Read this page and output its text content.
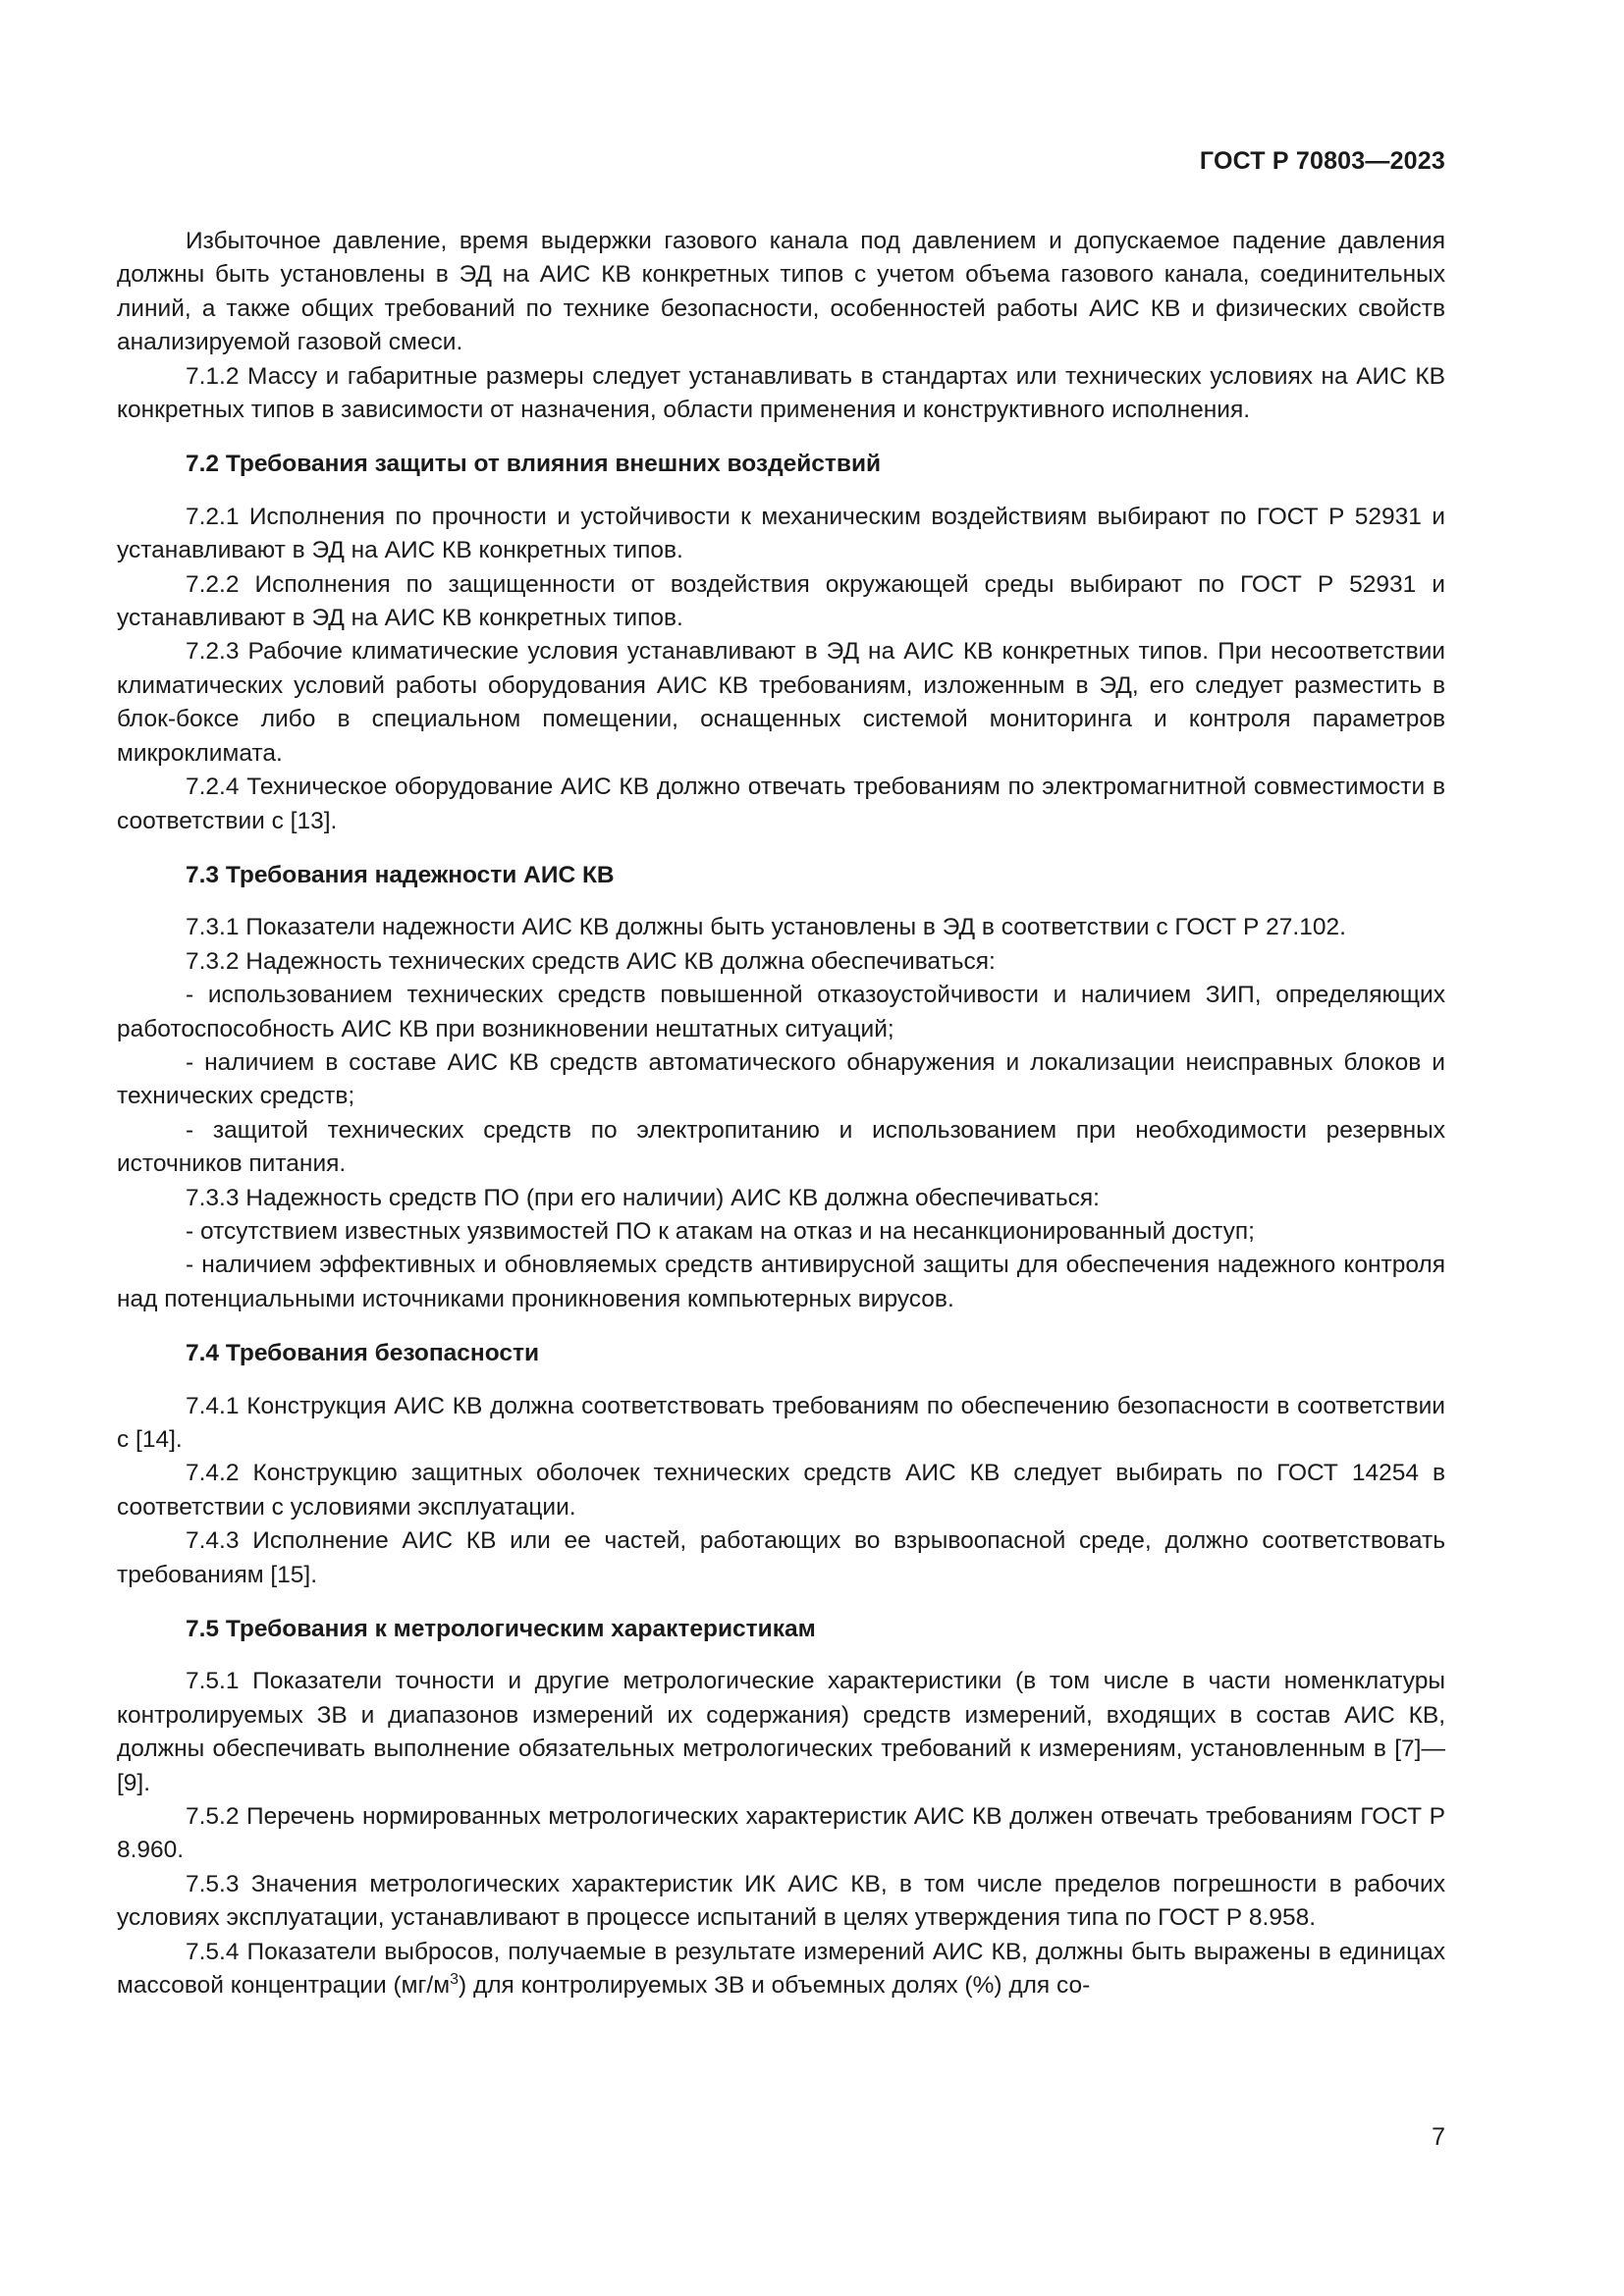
ГОСТ Р 70803—2023

Избыточное давление, время выдержки газового канала под давлением и допускаемое падение давления должны быть установлены в ЭД на АИС КВ конкретных типов с учетом объема газового канала, соединительных линий, а также общих требований по технике безопасности, особенностей работы АИС КВ и физических свойств анализируемой газовой смеси.

7.1.2 Массу и габаритные размеры следует устанавливать в стандартах или технических условиях на АИС КВ конкретных типов в зависимости от назначения, области применения и конструктивного исполнения.

7.2 Требования защиты от влияния внешних воздействий

7.2.1 Исполнения по прочности и устойчивости к механическим воздействиям выбирают по ГОСТ Р 52931 и устанавливают в ЭД на АИС КВ конкретных типов.

7.2.2 Исполнения по защищенности от воздействия окружающей среды выбирают по ГОСТ Р 52931 и устанавливают в ЭД на АИС КВ конкретных типов.

7.2.3 Рабочие климатические условия устанавливают в ЭД на АИС КВ конкретных типов. При несоответствии климатических условий работы оборудования АИС КВ требованиям, изложенным в ЭД, его следует разместить в блок-боксе либо в специальном помещении, оснащенных системой мониторинга и контроля параметров микроклимата.

7.2.4 Техническое оборудование АИС КВ должно отвечать требованиям по электромагнитной совместимости в соответствии с [13].

7.3 Требования надежности АИС КВ

7.3.1 Показатели надежности АИС КВ должны быть установлены в ЭД в соответствии с ГОСТ Р 27.102.

7.3.2 Надежность технических средств АИС КВ должна обеспечиваться:

- использованием технических средств повышенной отказоустойчивости и наличием ЗИП, определяющих работоспособность АИС КВ при возникновении нештатных ситуаций;

- наличием в составе АИС КВ средств автоматического обнаружения и локализации неисправных блоков и технических средств;

- защитой технических средств по электропитанию и использованием при необходимости резервных источников питания.

7.3.3 Надежность средств ПО (при его наличии) АИС КВ должна обеспечиваться:

- отсутствием известных уязвимостей ПО к атакам на отказ и на несанкционированный доступ;

- наличием эффективных и обновляемых средств антивирусной защиты для обеспечения надежного контроля над потенциальными источниками проникновения компьютерных вирусов.

7.4 Требования безопасности

7.4.1 Конструкция АИС КВ должна соответствовать требованиям по обеспечению безопасности в соответствии с [14].

7.4.2 Конструкцию защитных оболочек технических средств АИС КВ следует выбирать по ГОСТ 14254 в соответствии с условиями эксплуатации.

7.4.3 Исполнение АИС КВ или ее частей, работающих во взрывоопасной среде, должно соответствовать требованиям [15].

7.5 Требования к метрологическим характеристикам

7.5.1 Показатели точности и другие метрологические характеристики (в том числе в части номенклатуры контролируемых ЗВ и диапазонов измерений их содержания) средств измерений, входящих в состав АИС КВ, должны обеспечивать выполнение обязательных метрологических требований к измерениям, установленным в [7]—[9].

7.5.2 Перечень нормированных метрологических характеристик АИС КВ должен отвечать требованиям ГОСТ Р 8.960.

7.5.3 Значения метрологических характеристик ИК АИС КВ, в том числе пределов погрешности в рабочих условиях эксплуатации, устанавливают в процессе испытаний в целях утверждения типа по ГОСТ Р 8.958.

7.5.4 Показатели выбросов, получаемые в результате измерений АИС КВ, должны быть выражены в единицах массовой концентрации $(мг/м^3)$ для контролируемых ЗВ и объемных долях (%) для со-

7
